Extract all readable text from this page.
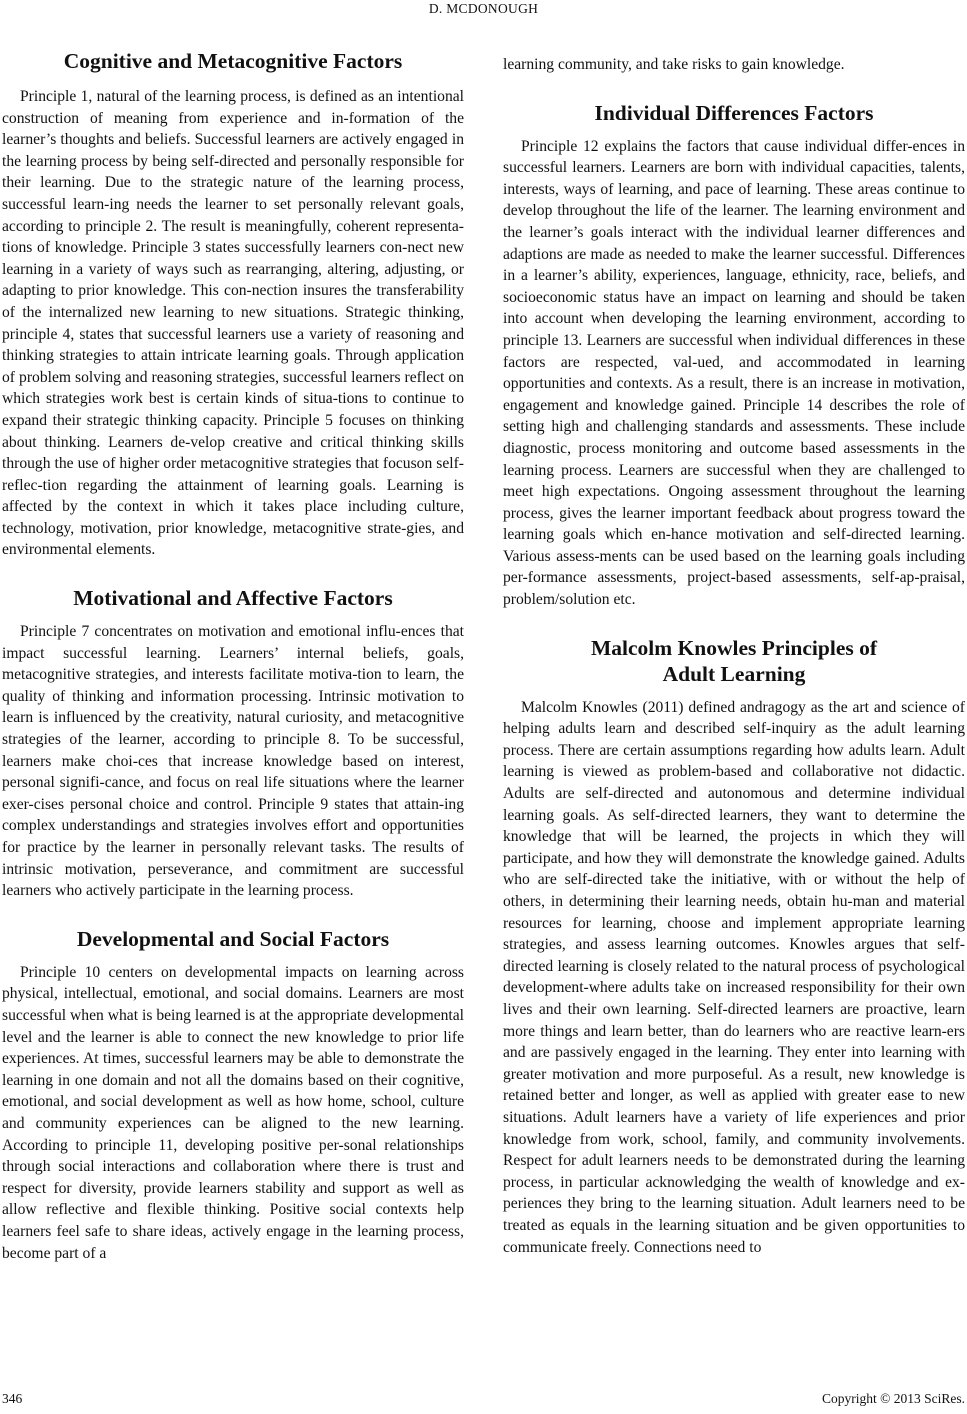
D. MCDONOUGH
Cognitive and Metacognitive Factors

Principle 1, natural of the learning process, is defined as an intentional construction of meaning from experience and in-formation of the learner’s thoughts and beliefs. Successful learners are actively engaged in the learning process by being self-directed and personally responsible for their learning. Due to the strategic nature of the learning process, successful learn-ing needs the learner to set personally relevant goals, according to principle 2. The result is meaningfully, coherent representa-tions of knowledge. Principle 3 states successfully learners con-nect new learning in a variety of ways such as rearranging, altering, adjusting, or adapting to prior knowledge. This con-nection insures the transferability of the internalized new learning to new situations. Strategic thinking, principle 4, states that successful learners use a variety of reasoning and thinking strategies to attain intricate learning goals. Through application of problem solving and reasoning strategies, successful learners reflect on which strategies work best is certain kinds of situa-tions to continue to expand their strategic thinking capacity. Principle 5 focuses on thinking about thinking. Learners de-velop creative and critical thinking skills through the use of higher order metacognitive strategies that focuson self-reflec-tion regarding the attainment of learning goals. Learning is affected by the context in which it takes place including culture, technology, motivation, prior knowledge, metacognitive strate-gies, and environmental elements.

Motivational and Affective Factors

Principle 7 concentrates on motivation and emotional influ-ences that impact successful learning. Learners’ internal beliefs, goals, metacognitive strategies, and interests facilitate motiva-tion to learn, the quality of thinking and information processing. Intrinsic motivation to learn is influenced by the creativity, natural curiosity, and metacognitive strategies of the learner, according to principle 8. To be successful, learners make choi-ces that increase knowledge based on interest, personal signifi-cance, and focus on real life situations where the learner exer-cises personal choice and control. Principle 9 states that attain-ing complex understandings and strategies involves effort and opportunities for practice by the learner in personally relevant tasks. The results of intrinsic motivation, perseverance, and commitment are successful learners who actively participate in the learning process.

Developmental and Social Factors

Principle 10 centers on developmental impacts on learning across physical, intellectual, emotional, and social domains. Learners are most successful when what is being learned is at the appropriate developmental level and the learner is able to connect the new knowledge to prior life experiences. At times, successful learners may be able to demonstrate the learning in one domain and not all the domains based on their cognitive, emotional, and social development as well as how home, school, culture and community experiences can be aligned to the new learning. According to principle 11, developing positive per-sonal relationships through social interactions and collaboration where there is trust and respect for diversity, provide learners stability and support as well as allow reflective and flexible thinking. Positive social contexts help learners feel safe to share ideas, actively engage in the learning process, become part of a

learning community, and take risks to gain knowledge.

Individual Differences Factors

Principle 12 explains the factors that cause individual differ-ences in successful learners. Learners are born with individual capacities, talents, interests, ways of learning, and pace of learning. These areas continue to develop throughout the life of the learner. The learning environment and the learner’s goals interact with the individual learner differences and adaptions are made as needed to make the learner successful. Differences in a learner’s ability, experiences, language, ethnicity, race, beliefs, and socioeconomic status have an impact on learning and should be taken into account when developing the learning environment, according to principle 13. Learners are successful when individual differences in these factors are respected, val-ued, and accommodated in learning opportunities and contexts. As a result, there is an increase in motivation, engagement and knowledge gained. Principle 14 describes the role of setting high and challenging standards and assessments. These include diagnostic, process monitoring and outcome based assessments in the learning process. Learners are successful when they are challenged to meet high expectations. Ongoing assessment throughout the learning process, gives the learner important feedback about progress toward the learning goals which en-hance motivation and self-directed learning. Various assess-ments can be used based on the learning goals including per-formance assessments, project-based assessments, self-ap-praisal, problem/solution etc.

Malcolm Knowles Principles of
Adult Learning

Malcolm Knowles (2011) defined andragogy as the art and science of helping adults learn and described self-inquiry as the adult learning process. There are certain assumptions regarding how adults learn. Adult learning is viewed as problem-based and collaborative not didactic. Adults are self-directed and autonomous and determine individual learning goals. As self-directed learners, they want to determine the knowledge that will be learned, the projects in which they will participate, and how they will demonstrate the knowledge gained. Adults who are self-directed take the initiative, with or without the help of others, in determining their learning needs, obtain hu-man and material resources for learning, choose and implement appropriate learning strategies, and assess learning outcomes. Knowles argues that self-directed learning is closely related to the natural process of psychological development-where adults take on increased responsibility for their own lives and their own learning. Self-directed learners are proactive, learn more things and learn better, than do learners who are reactive learn-ers and are passively engaged in the learning. They enter into learning with greater motivation and more purposeful. As a result, new knowledge is retained better and longer, as well as applied with greater ease to new situations. Adult learners have a variety of life experiences and prior knowledge from work, school, family, and community involvements. Respect for adult learners needs to be demonstrated during the learning process, in particular acknowledging the wealth of knowledge and ex-periences they bring to the learning situation. Adult learners need to be treated as equals in the learning situation and be given opportunities to communicate freely. Connections need to

346	Copyright © 2013 SciRes.
